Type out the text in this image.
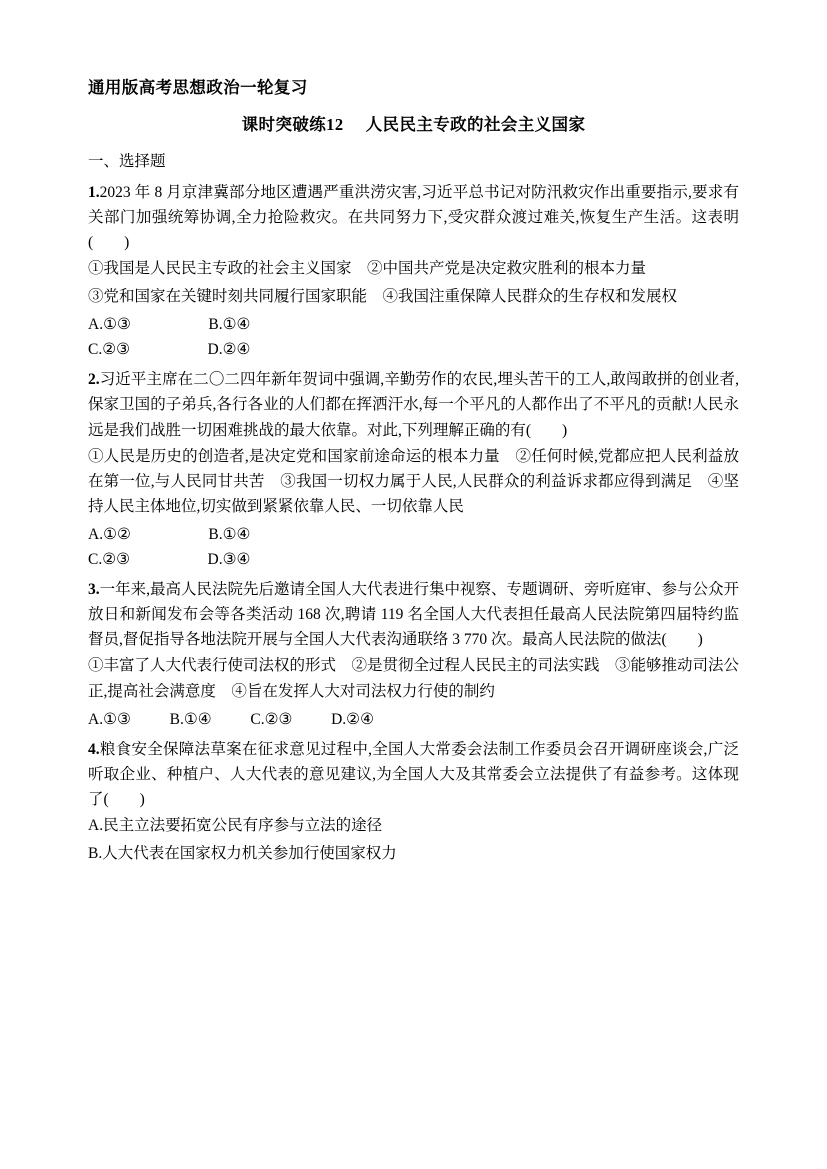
通用版高考思想政治一轮复习
课时突破练12 人民民主专政的社会主义国家
一、选择题
1.2023 年 8 月京津冀部分地区遭遇严重洪涝灾害,习近平总书记对防汛救灾作出重要指示,要求有关部门加强统筹协调,全力抢险救灾。在共同努力下,受灾群众渡过难关,恢复生产生活。这表明(　　)
①我国是人民民主专政的社会主义国家　②中国共产党是决定救灾胜利的根本力量
③党和国家在关键时刻共同履行国家职能　④我国注重保障人民群众的生存权和发展权
A.①③                    B.①④
C.②③                    D.②④
2.习近平主席在二〇二四年新年贺词中强调,辛勤劳作的农民,埋头苦干的工人,敢闯敢拼的创业者,保家卫国的子弟兵,各行各业的人们都在挥洒汗水,每一个平凡的人都作出了不平凡的贡献!人民永远是我们战胜一切困难挑战的最大依靠。对此,下列理解正确的有(　　)
①人民是历史的创造者,是决定党和国家前途命运的根本力量　②任何时候,党都应把人民利益放在第一位,与人民同甘共苦　③我国一切权力属于人民,人民群众的利益诉求都应得到满足　④坚持人民主体地位,切实做到紧紧依靠人民、一切依靠人民
A.①②                    B.①④
C.②③                    D.③④
3.一年来,最高人民法院先后邀请全国人大代表进行集中视察、专题调研、旁听庭审、参与公众开放日和新闻发布会等各类活动 168 次,聘请 119 名全国人大代表担任最高人民法院第四届特约监督员,督促指导各地法院开展与全国人大代表沟通联络 3 770 次。最高人民法院的做法(　　)
①丰富了人大代表行使司法权的形式　②是贯彻全过程人民民主的司法实践　③能够推动司法公正,提高社会满意度　④旨在发挥人大对司法权力行使的制约
A.①③          B.①④          C.②③          D.②④
4.粮食安全保障法草案在征求意见过程中,全国人大常委会法制工作委员会召开调研座谈会,广泛听取企业、种植户、人大代表的意见建议,为全国人大及其常委会立法提供了有益参考。这体现了(　　)
A.民主立法要拓宽公民有序参与立法的途径
B.人大代表在国家权力机关参加行使国家权力
